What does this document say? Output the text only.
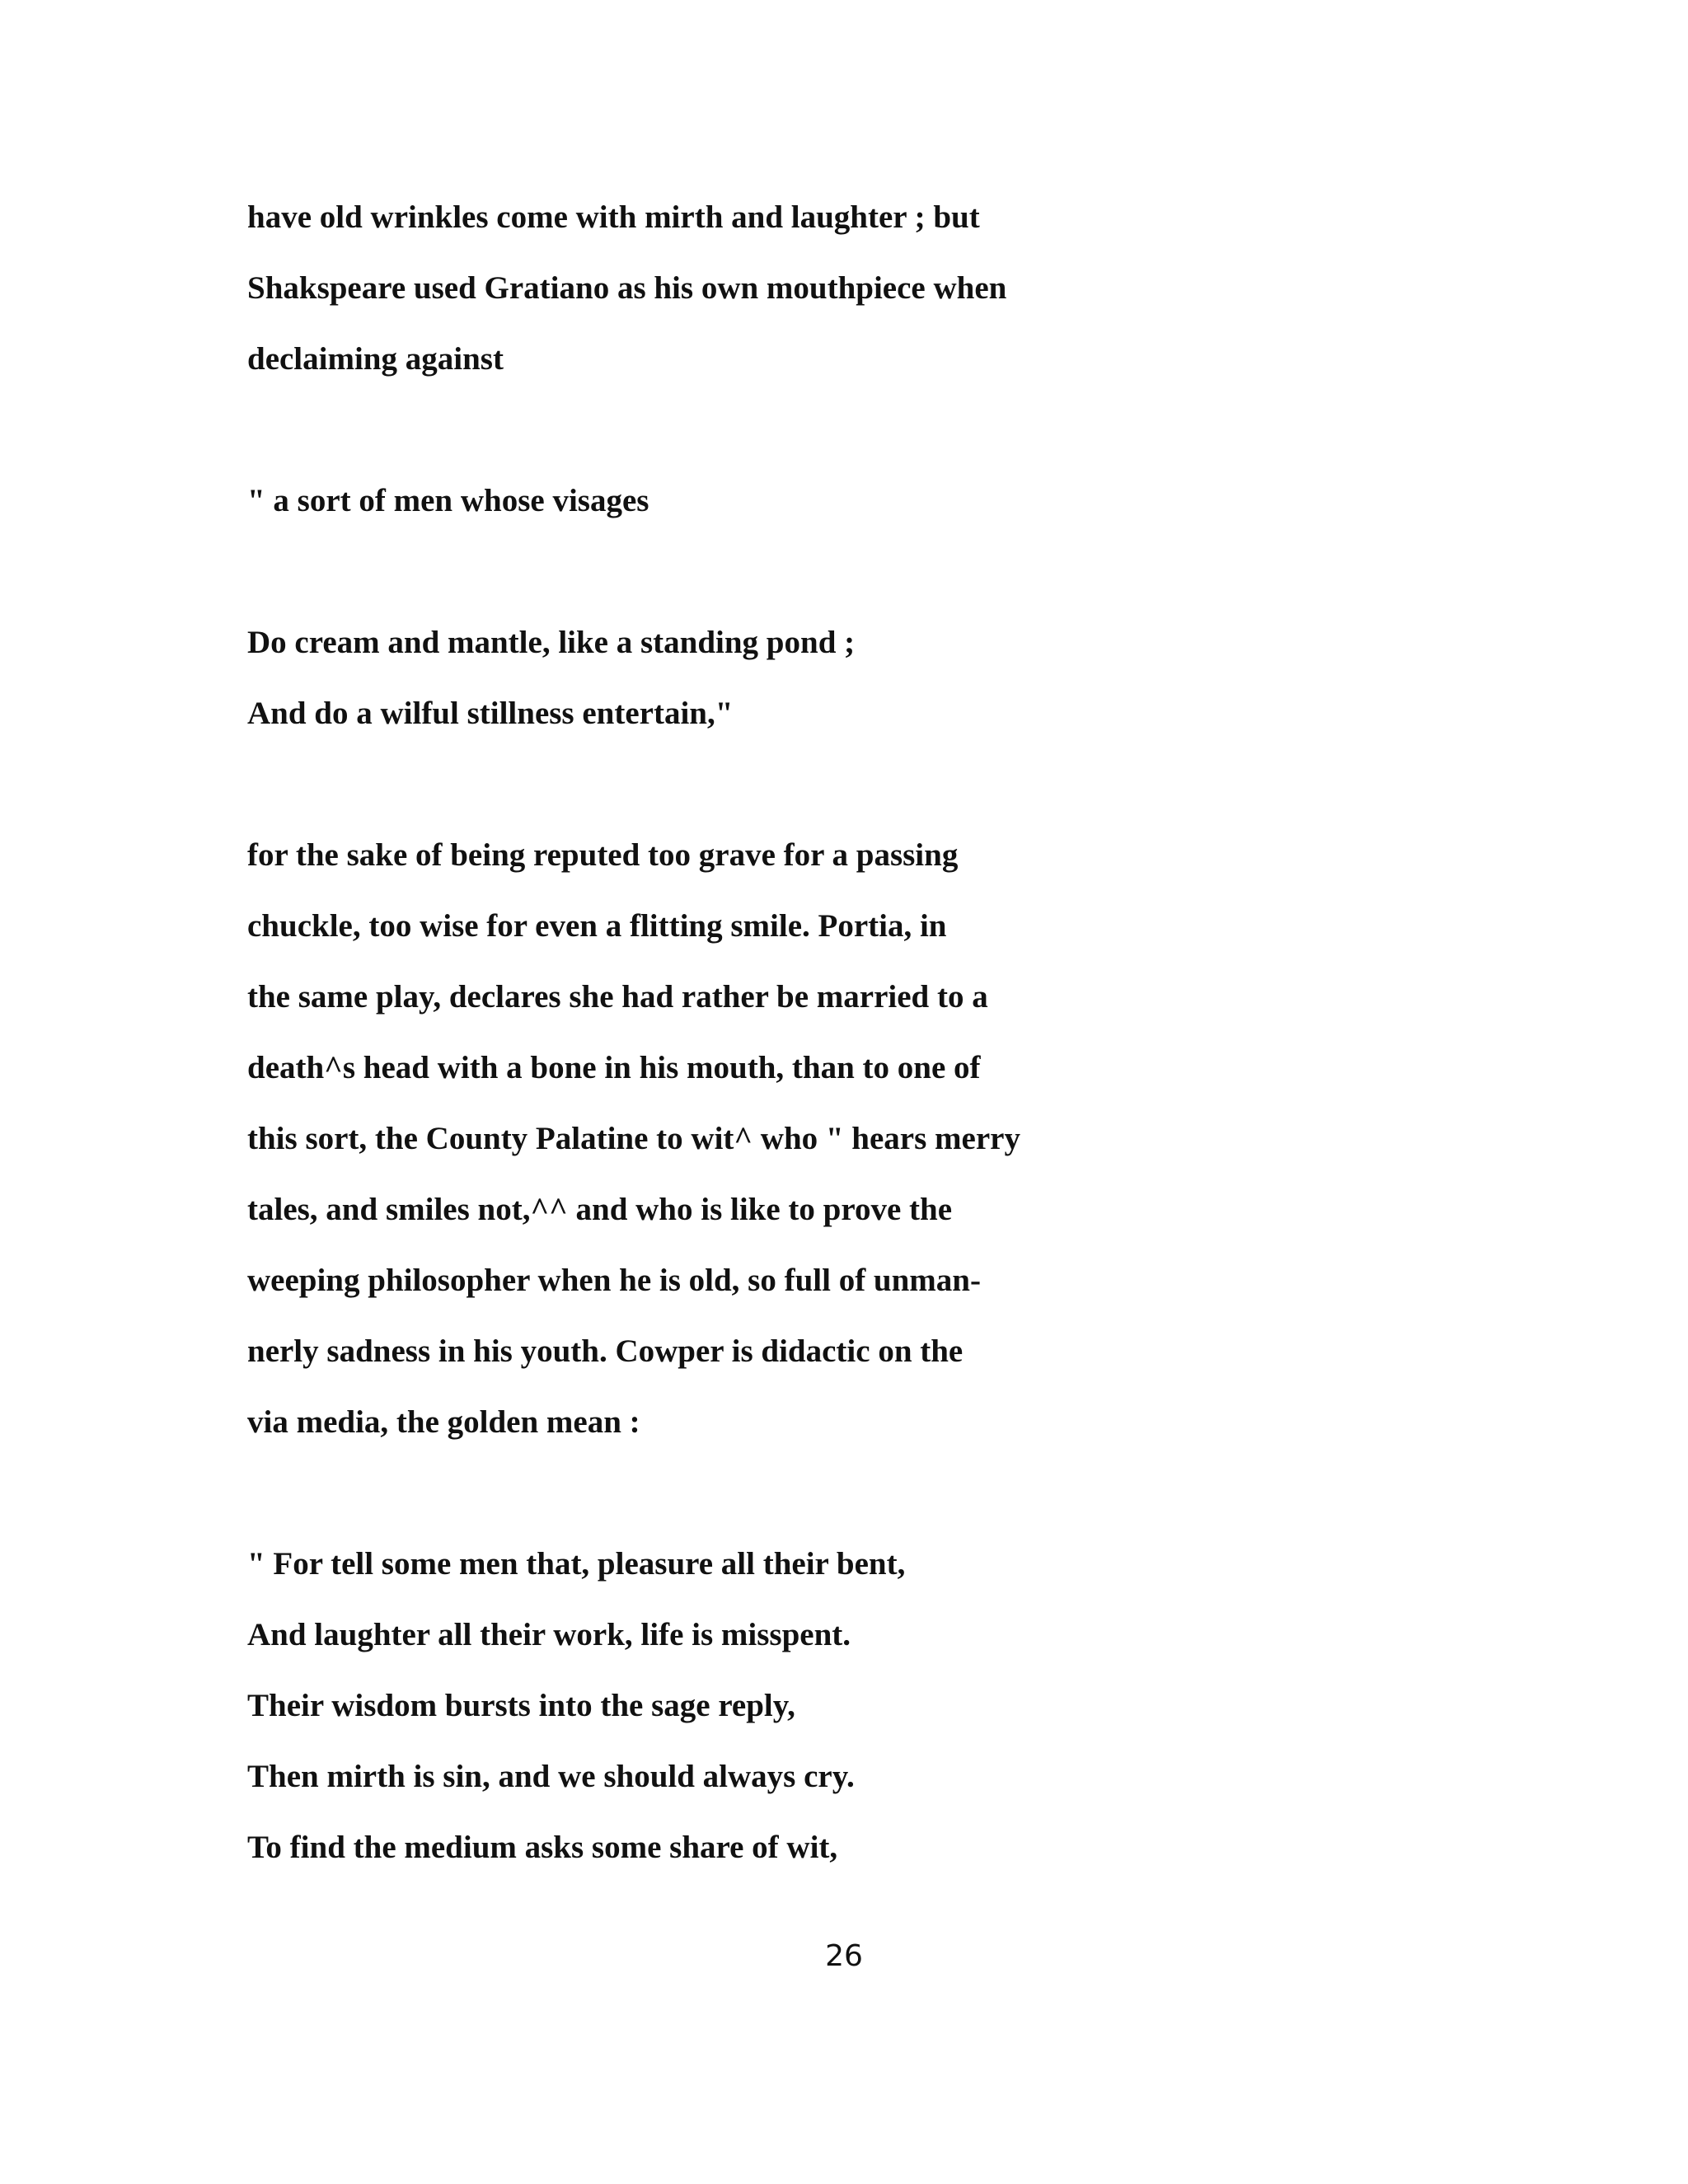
have old wrinkles come with mirth and laughter ; but
Shakspeare used Gratiano as his own mouthpiece when
declaiming against
" a sort of men whose visages
Do cream and mantle, like a standing pond ;
And do a wilful stillness entertain,"
for the sake of being reputed too grave for a passing
chuckle, too wise for even a flitting smile. Portia, in
the same play, declares she had rather be married to a
death^s head with a bone in his mouth, than to one of
this sort, the County Palatine to wit^ who " hears merry
tales, and smiles not,^^ and who is like to prove the
weeping philosopher when he is old, so full of unman-
nerly sadness in his youth. Cowper is didactic on the
via media, the golden mean :
" For tell some men that, pleasure all their bent,
And laughter all their work, life is misspent.
Their wisdom bursts into the sage reply,
Then mirth is sin, and we should always cry.
To find the medium asks some share of wit,
26
